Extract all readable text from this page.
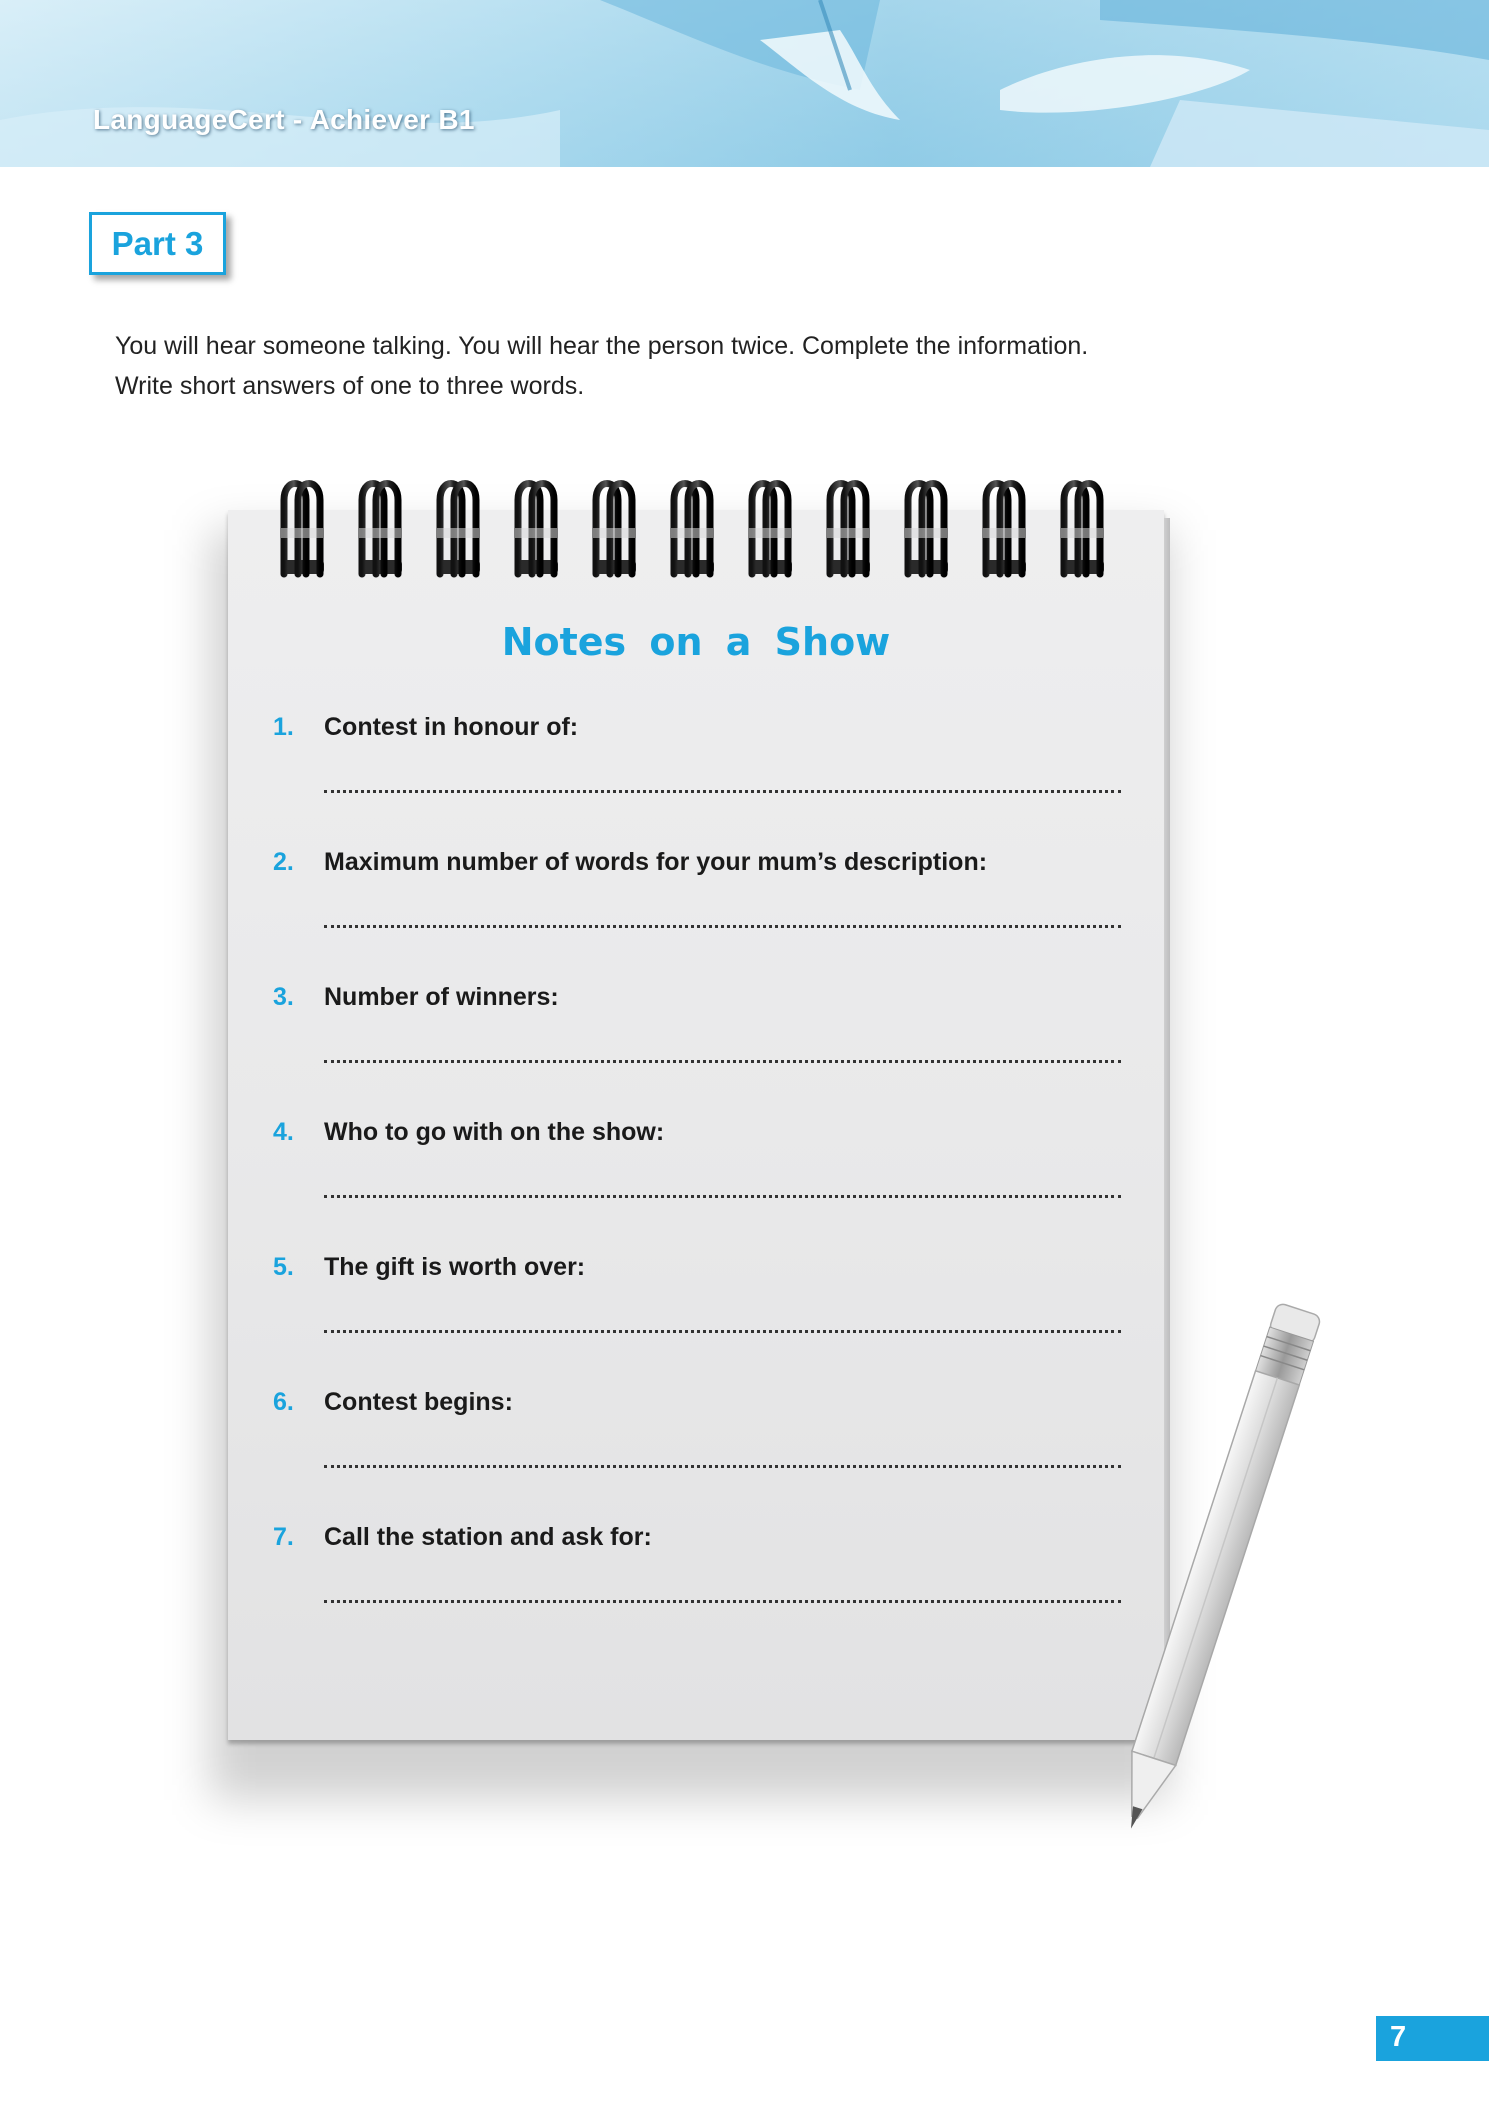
LanguageCert - Achiever B1
Part 3
You will hear someone talking. You will hear the person twice. Complete the information.
Write short answers of one to three words.
Notes on a Show
1. Contest in honour of:
2. Maximum number of words for your mum’s description:
3. Number of winners:
4. Who to go with on the show:
5. The gift is worth over:
6. Contest begins:
7. Call the station and ask for:
7
